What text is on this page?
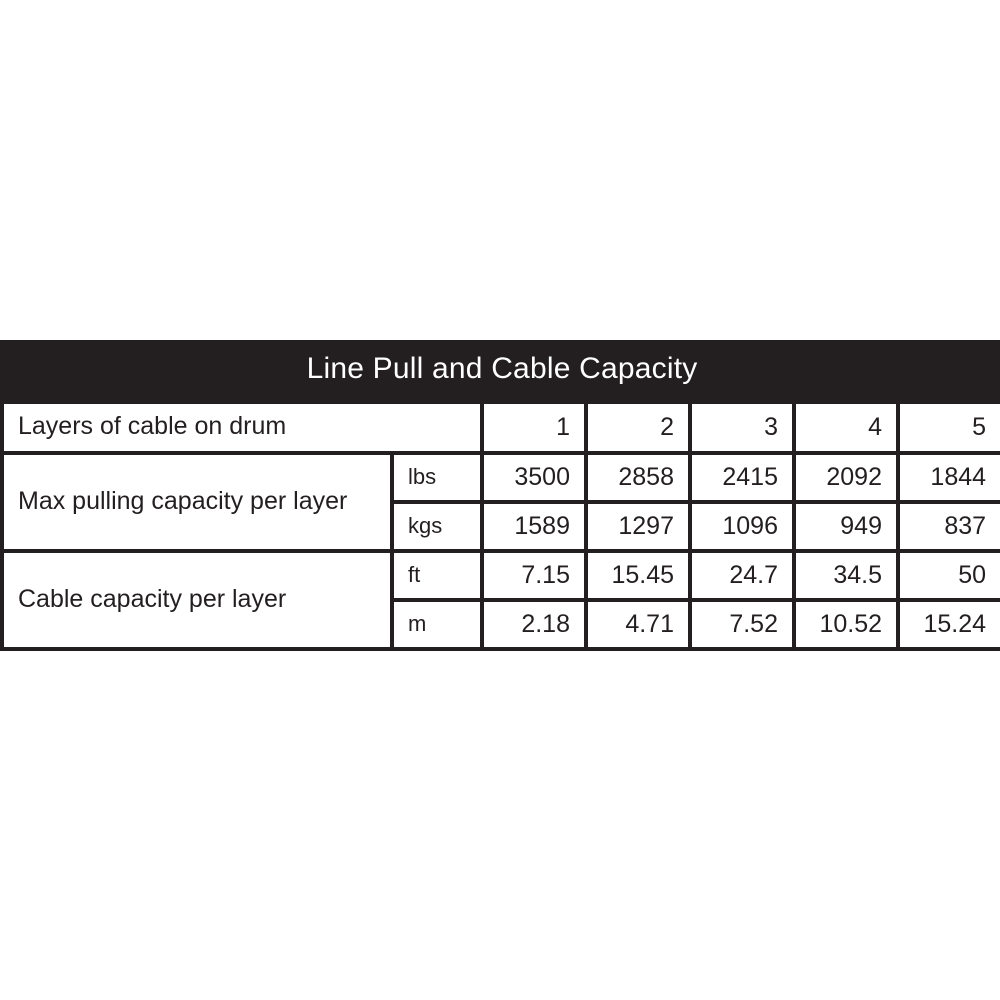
Line Pull and Cable Capacity						
Layers of cable on drum		1	2	3	4	5
Max pulling capacity per layer	lbs	3500	2858	2415	2092	1844
	kgs	1589	1297	1096	949	837
Cable capacity per layer	ft	7.15	15.45	24.7	34.5	50
	m	2.18	4.71	7.52	10.52	15.24
